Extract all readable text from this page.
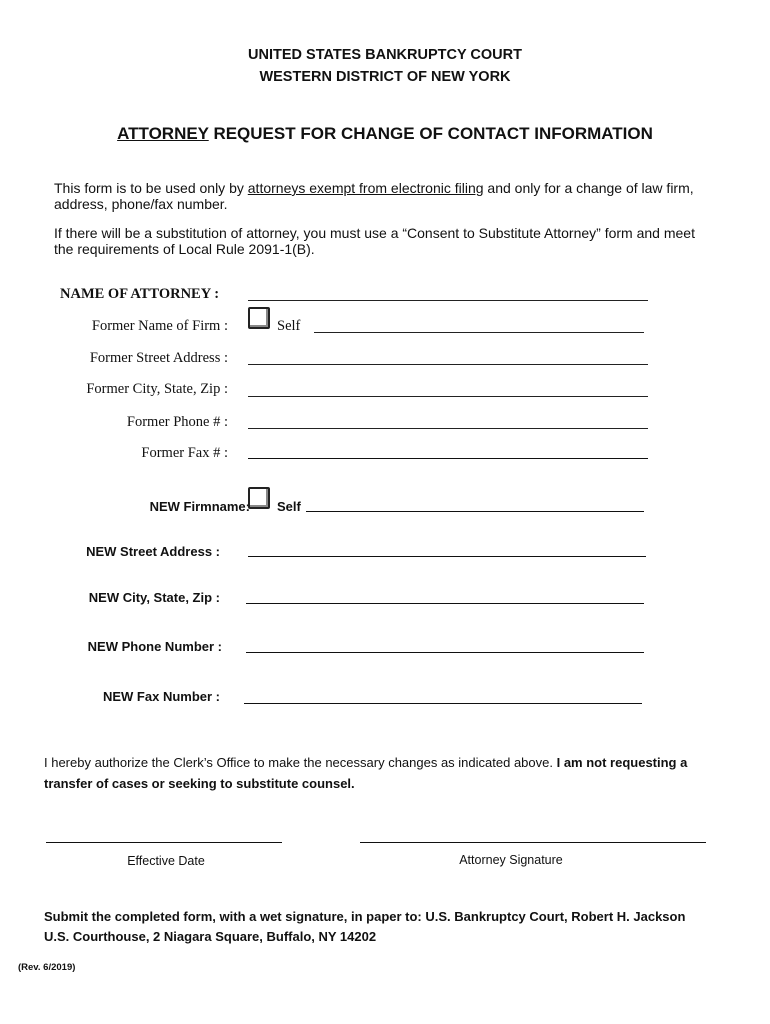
UNITED STATES BANKRUPTCY COURT
WESTERN DISTRICT OF NEW YORK
ATTORNEY REQUEST FOR CHANGE OF CONTACT INFORMATION
This form is to be used only by attorneys exempt from electronic filing and only for a change of law firm, address, phone/fax number.
If there will be a substitution of attorney, you must use a “Consent to Substitute Attorney” form and meet the requirements of Local Rule 2091-1(B).
NAME OF ATTORNEY :
Former Name of Firm :	Self
Former Street Address :
Former City, State, Zip :
Former Phone # :
Former Fax # :
NEW Firmname: Self
NEW Street Address :
NEW City, State, Zip :
NEW Phone Number :
NEW Fax Number :
I hereby authorize the Clerk’s Office to make the necessary changes as indicated above. I am not requesting a transfer of cases or seeking to substitute counsel.
Effective Date	Attorney Signature
Submit the completed form, with a wet signature, in paper to: U.S. Bankruptcy Court, Robert H. Jackson
U.S. Courthouse, 2 Niagara Square, Buffalo, NY 14202
(Rev. 6/2019)
